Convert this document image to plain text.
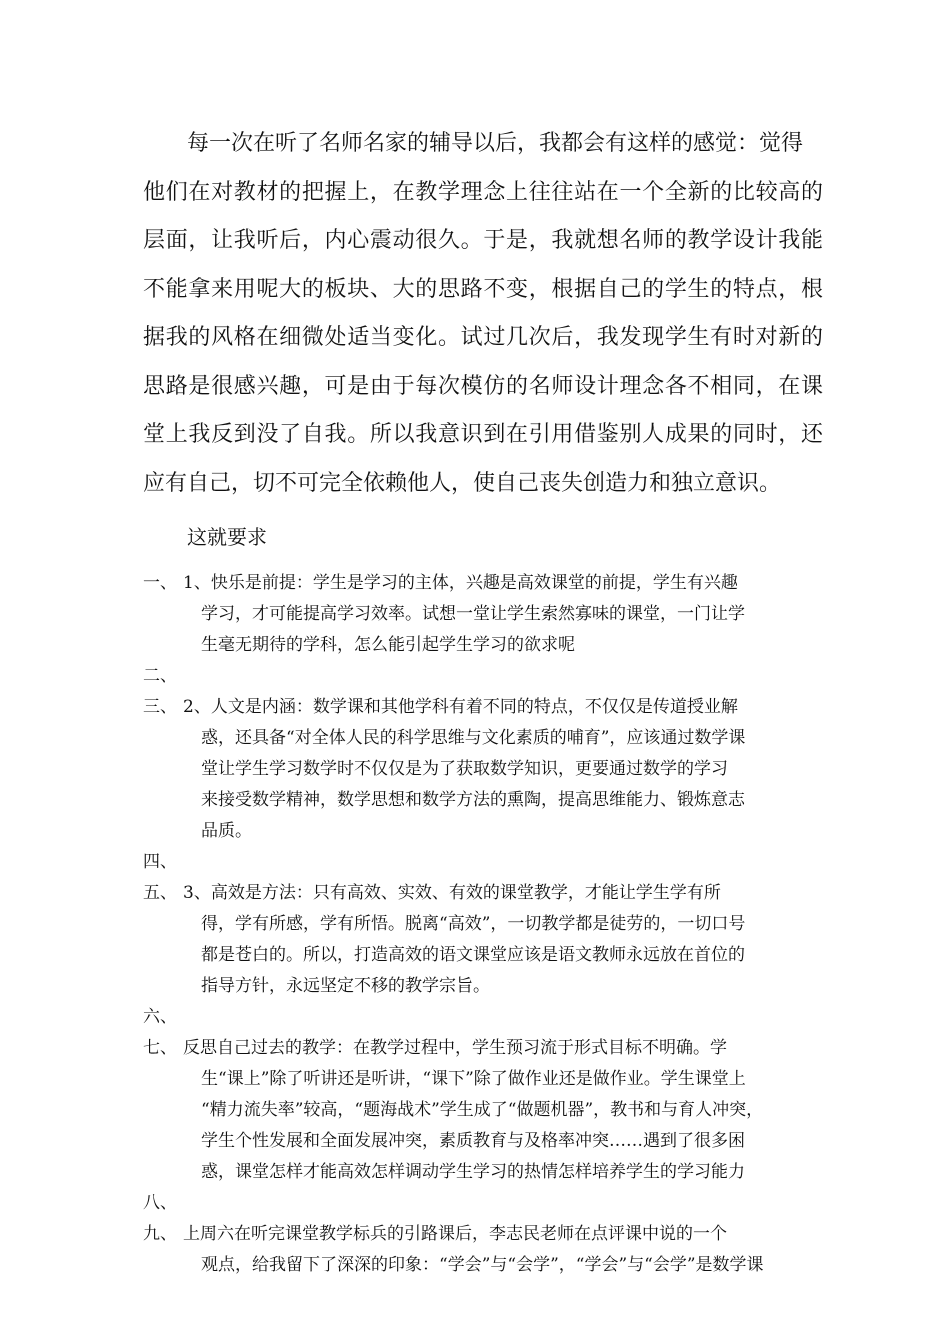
每一次在听了名师名家的辅导以后，我都会有这样的感觉：觉得
他们在对教材的把握上，在教学理念上往往站在一个全新的比较高的
层面，让我听后，内心震动很久。于是，我就想名师的教学设计我能
不能拿来用呢大的板块、大的思路不变，根据自己的学生的特点，根
据我的风格在细微处适当变化。试过几次后，我发现学生有时对新的
思路是很感兴趣，可是由于每次模仿的名师设计理念各不相同，在课
堂上我反到没了自我。所以我意识到在引用借鉴别人成果的同时，还
应有自己，切不可完全依赖他人，使自己丧失创造力和独立意识。
这就要求
一、 1、快乐是前提：学生是学习的主体，兴趣是高效课堂的前提，学生有兴趣
学习，才可能提高学习效率。试想一堂让学生索然寡味的课堂，一门让学
生毫无期待的学科，怎么能引起学生学习的欲求呢
二、
三、 2、人文是内涵：数学课和其他学科有着不同的特点，不仅仅是传道授业解
惑，还具备“对全体人民的科学思维与文化素质的哺育”，应该通过数学课
堂让学生学习数学时不仅仅是为了获取数学知识，更要通过数学的学习
来接受数学精神，数学思想和数学方法的熏陶，提高思维能力、锻炼意志
品质。
四、
五、 3、高效是方法：只有高效、实效、有效的课堂教学，才能让学生学有所
得，学有所感，学有所悟。脱离“高效”，一切教学都是徒劳的，一切口号
都是苍白的。所以，打造高效的语文课堂应该是语文教师永远放在首位的
指导方针，永远坚定不移的教学宗旨。
六、
七、 反思自己过去的教学：在教学过程中，学生预习流于形式目标不明确。学
生“课上”除了听讲还是听讲，“课下”除了做作业还是做作业。学生课堂上
“精力流失率”较高，“题海战术”学生成了“做题机器”，教书和与育人冲突，
学生个性发展和全面发展冲突，素质教育与及格率冲突……遇到了很多困
惑，课堂怎样才能高效怎样调动学生学习的热情怎样培养学生的学习能力
八、
九、 上周六在听完课堂教学标兵的引路课后，李志民老师在点评课中说的一个
观点，给我留下了深深的印象：“学会”与“会学”，“学会”与“会学”是数学课
